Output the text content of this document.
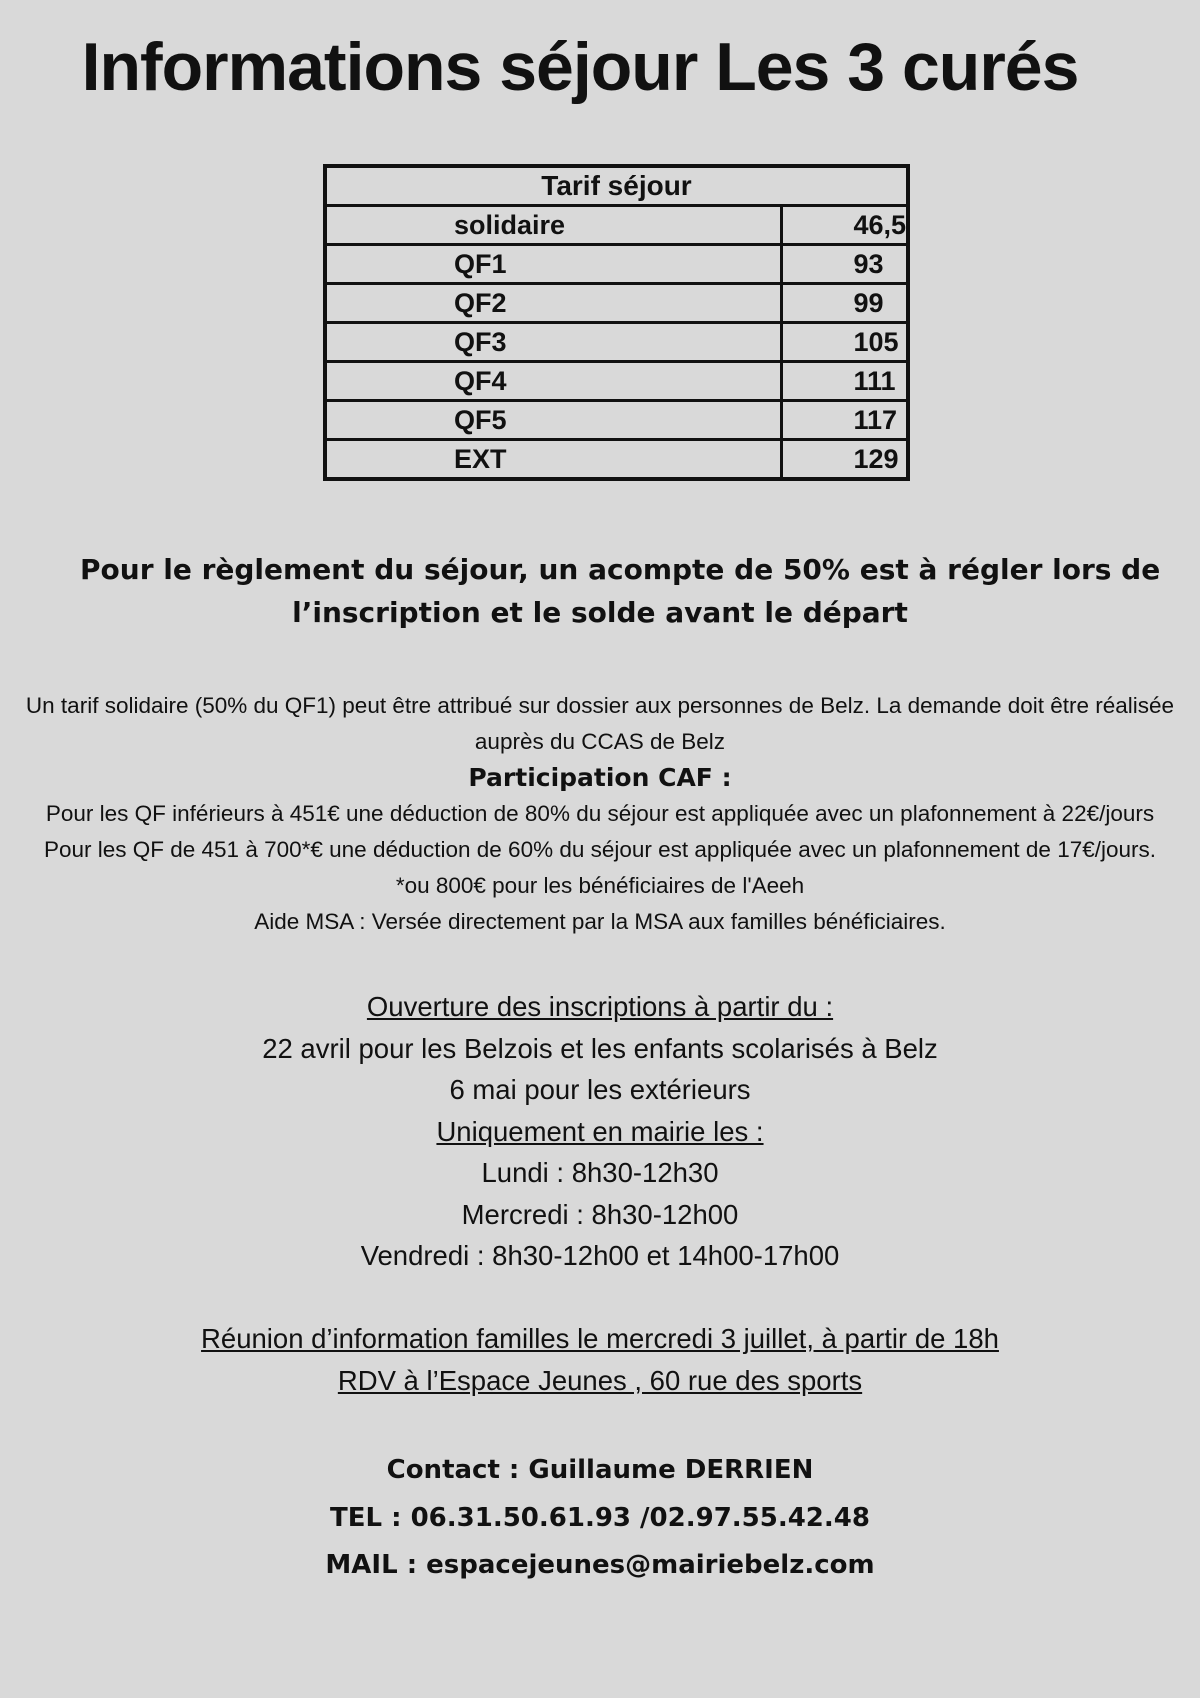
Informations séjour Les 3 curés
Tarif séjour	
solidaire	46,5
QF1	93
QF2	99
QF3	105
QF4	111
QF5	117
EXT	129
Pour le règlement du séjour, un acompte de 50% est à régler lors de
l’inscription et le solde avant le départ
Un tarif solidaire (50% du QF1) peut être attribué sur dossier aux personnes de Belz. La demande doit être réalisée
auprès du CCAS de Belz
Participation CAF :
Pour les QF inférieurs à 451€ une déduction de 80% du séjour est appliquée avec un plafonnement à 22€/jours
Pour les QF de 451 à 700*€ une déduction de 60% du séjour est appliquée avec un plafonnement de 17€/jours.
*ou 800€ pour les bénéficiaires de l'Aeeh
Aide MSA : Versée directement par la MSA aux familles bénéficiaires.
Ouverture des inscriptions à partir du :
22 avril pour les Belzois et les enfants scolarisés à Belz
6 mai pour les extérieurs
Uniquement en mairie les :
Lundi : 8h30-12h30
Mercredi : 8h30-12h00
Vendredi : 8h30-12h00 et 14h00-17h00
Réunion d’information familles le mercredi 3 juillet, à partir de 18h
RDV à l’Espace Jeunes , 60 rue des sports
Contact : Guillaume DERRIEN
TEL : 06.31.50.61.93 /02.97.55.42.48
MAIL : espacejeunes@mairiebelz.com
